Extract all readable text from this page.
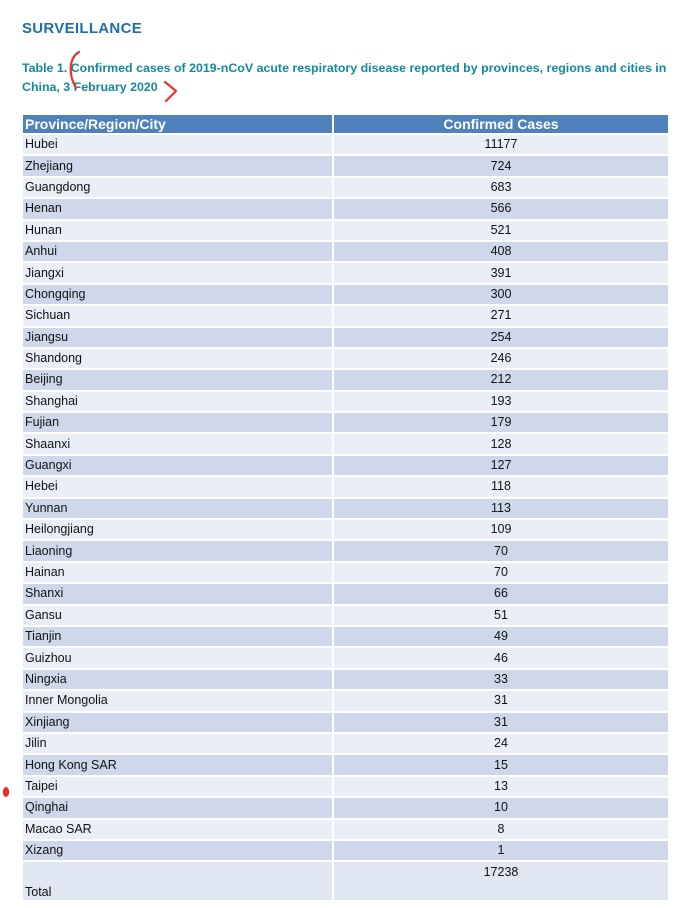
SURVEILLANCE
Table 1. Confirmed cases of 2019-nCoV acute respiratory disease reported by provinces, regions and cities in
China, 3 February 2020
Province/Region/City	Confirmed Cases
Hubei	11177
Zhejiang	724
Guangdong	683
Henan	566
Hunan	521
Anhui	408
Jiangxi	391
Chongqing	300
Sichuan	271
Jiangsu	254
Shandong	246
Beijing	212
Shanghai	193
Fujian	179
Shaanxi	128
Guangxi	127
Hebei	118
Yunnan	113
Heilongjiang	109
Liaoning	70
Hainan	70
Shanxi	66
Gansu	51
Tianjin	49
Guizhou	46
Ningxia	33
Inner Mongolia	31
Xinjiang	31
Jilin	24
Hong Kong SAR	15
Taipei	13
Qinghai	10
Macao SAR	8
Xizang	1
Total	17238
